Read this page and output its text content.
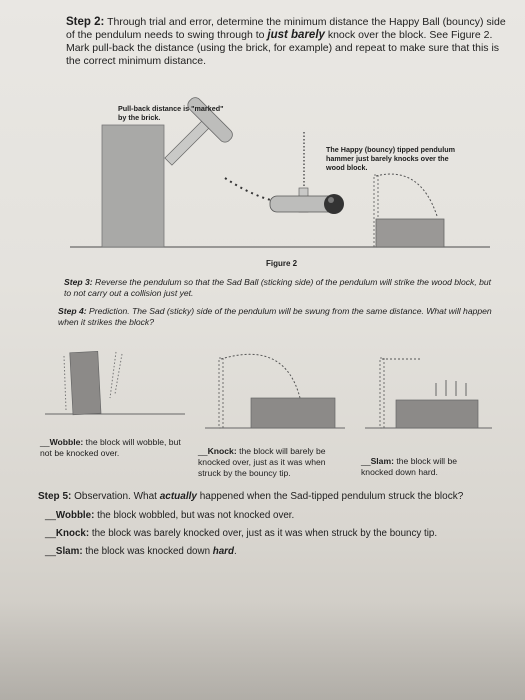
Step 2: Through trial and error, determine the minimum distance the Happy Ball (bouncy) side of the pendulum needs to swing through to just barely knock over the block. See Figure 2. Mark pull-back the distance (using the brick, for example) and repeat to make sure that this is the correct minimum distance.

Pull-back distance is "marked" by the brick.

The Happy (bouncy) tipped pendulum hammer just barely knocks over the wood block.

Figure 2

Step 3: Reverse the pendulum so that the Sad Ball (sticking side) of the pendulum will strike the wood block, but to not carry out a collision just yet.

Step 4: Prediction. The Sad (sticky) side of the pendulum will be swung from the same distance. What will happen when it strikes the block?

__Wobble: the block will wobble, but not be knocked over.	__Knock: the block will barely be knocked over, just as it was when struck by the bouncy tip.

__Slam: the block will be knocked down hard.

Step 5: Observation. What actually happened when the Sad-tipped pendulum struck the block?

__Wobble: the block wobbled, but was not knocked over.

__Knock: the block was barely knocked over, just as it was when struck by the bouncy tip.

__Slam: the block was knocked down hard.
